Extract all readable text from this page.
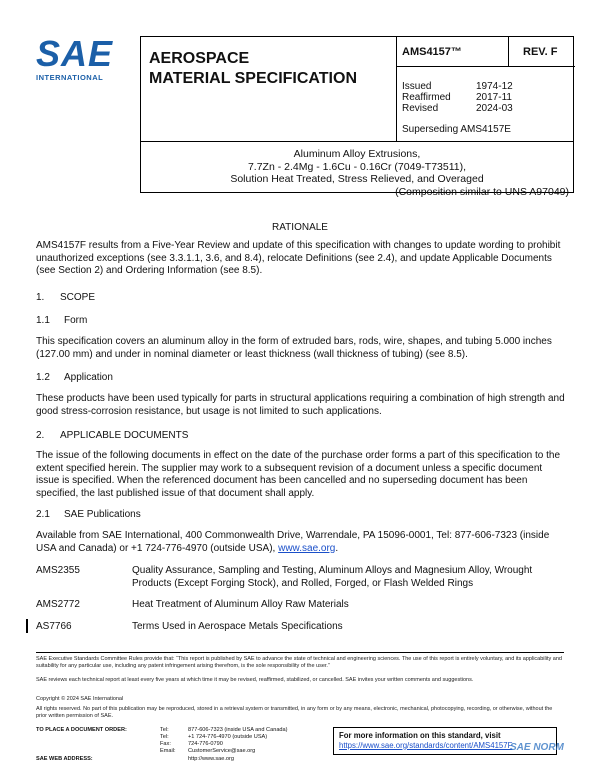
SAE
INTERNATIONAL
AEROSPACE
MATERIAL SPECIFICATION
AMS4157™	REV. F
Issued	1974-12
Reaffirmed	2017-11
Revised	2024-03
Superseding AMS4157E
Aluminum Alloy Extrusions,
7.7Zn - 2.4Mg - 1.6Cu - 0.16Cr (7049-T73511),
Solution Heat Treated, Stress Relieved, and Overaged
(Composition similar to UNS A97049)
RATIONALE
AMS4157F results from a Five-Year Review and update of this specification with changes to update wording to prohibit unauthorized exceptions (see 3.3.1.1, 3.6, and 8.4), relocate Definitions (see 2.4), and update Applicable Documents (see Section 2) and Ordering Information (see 8.5).
1. SCOPE
1.1 Form
This specification covers an aluminum alloy in the form of extruded bars, rods, wire, shapes, and tubing 5.000 inches (127.00 mm) and under in nominal diameter or least thickness (wall thickness of tubing) (see 8.5).
1.2 Application
These products have been used typically for parts in structural applications requiring a combination of high strength and good stress-corrosion resistance, but usage is not limited to such applications.
2. APPLICABLE DOCUMENTS
The issue of the following documents in effect on the date of the purchase order forms a part of this specification to the extent specified herein. The supplier may work to a subsequent revision of a document unless a specific document issue is specified. When the referenced document has been cancelled and no superseding document has been specified, the last published issue of that document shall apply.
2.1 SAE Publications
Available from SAE International, 400 Commonwealth Drive, Warrendale, PA 15096-0001, Tel: 877-606-7323 (inside USA and Canada) or +1 724-776-4970 (outside USA), www.sae.org.
AMS2355	Quality Assurance, Sampling and Testing, Aluminum Alloys and Magnesium Alloy, Wrought Products (Except Forging Stock), and Rolled, Forged, or Flash Welded Rings
AMS2772	Heat Treatment of Aluminum Alloy Raw Materials
AS7766	Terms Used in Aerospace Metals Specifications
SAE Executive Standards Committee Rules provide that: “This report is published by SAE to advance the state of technical and engineering sciences. The use of this report is entirely voluntary, and its applicability and suitability for any particular use, including any patent infringement arising therefrom, is the sole responsibility of the user.”
SAE reviews each technical report at least every five years at which time it may be revised, reaffirmed, stabilized, or cancelled. SAE invites your written comments and suggestions.
Copyright © 2024 SAE International
All rights reserved. No part of this publication may be reproduced, stored in a retrieval system or transmitted, in any form or by any means, electronic, mechanical, photocopying, recording, or otherwise, without the prior written permission of SAE.
TO PLACE A DOCUMENT ORDER:	Tel:	877-606-7323 (inside USA and Canada)
Tel:	+1 724-776-4970 (outside USA)
Fax:	724-776-0790
Email: CustomerService@sae.org
SAE WEB ADDRESS:	http://www.sae.org
For more information on this standard, visit
https://www.sae.org/standards/content/AMS4157F
SAE NORM
